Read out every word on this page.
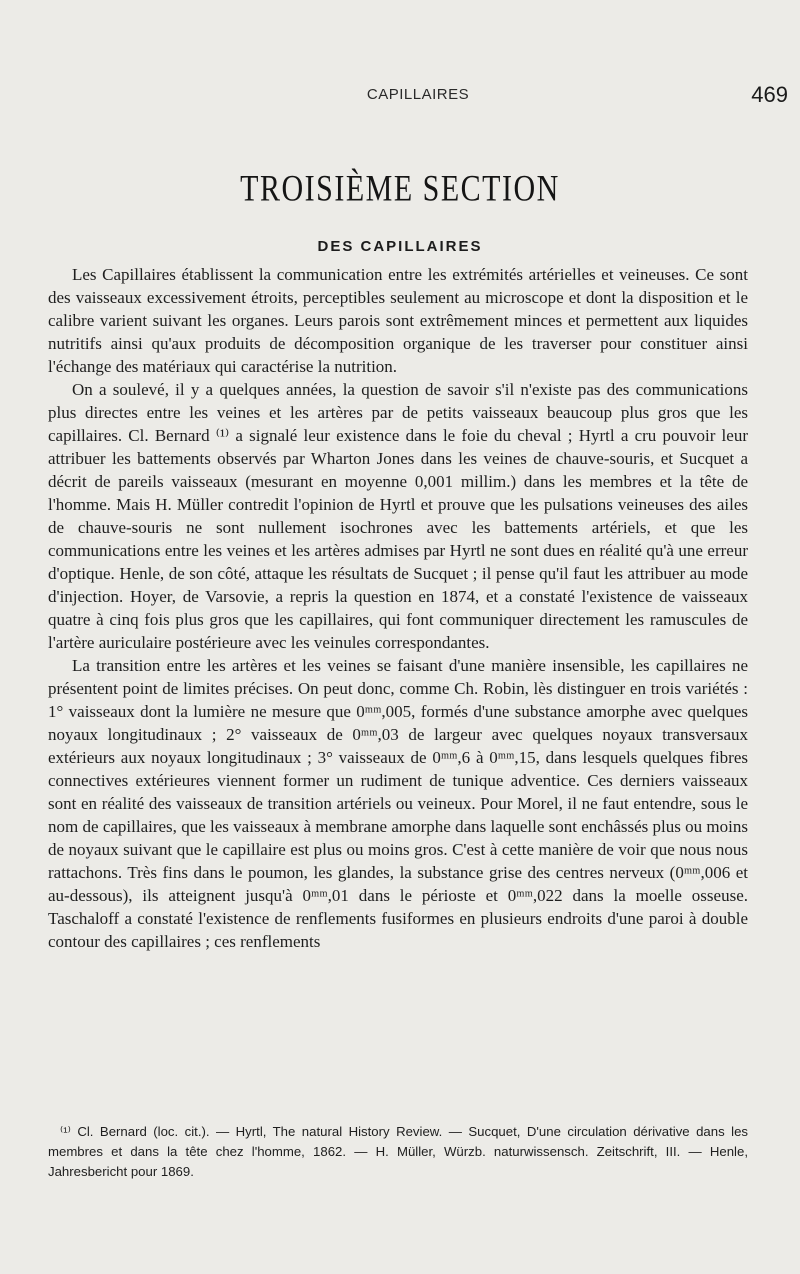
CAPILLAIRES	469
TROISIÈME SECTION
DES CAPILLAIRES

Les Capillaires établissent la communication entre les extrémités artérielles et veineuses. Ce sont des vaisseaux excessivement étroits, perceptibles seulement au microscope et dont la disposition et le calibre varient suivant les organes. Leurs parois sont extrêmement minces et permettent aux liquides nutritifs ainsi qu'aux produits de décomposition organique de les traverser pour constituer ainsi l'échange des matériaux qui caractérise la nutrition.

On a soulevé, il y a quelques années, la question de savoir s'il n'existe pas des communications plus directes entre les veines et les artères par de petits vaisseaux beaucoup plus gros que les capillaires. Cl. Bernard ⁽¹⁾ a signalé leur existence dans le foie du cheval ; Hyrtl a cru pouvoir leur attribuer les battements observés par Wharton Jones dans les veines de chauve-souris, et Sucquet a décrit de pareils vaisseaux (mesurant en moyenne 0,001 millim.) dans les membres et la tête de l'homme. Mais H. Müller contredit l'opinion de Hyrtl et prouve que les pulsations veineuses des ailes de chauve-souris ne sont nullement isochrones avec les battements artériels, et que les communications entre les veines et les artères admises par Hyrtl ne sont dues en réalité qu'à une erreur d'optique. Henle, de son côté, attaque les résultats de Sucquet ; il pense qu'il faut les attribuer au mode d'injection. Hoyer, de Varsovie, a repris la question en 1874, et a constaté l'existence de vaisseaux quatre à cinq fois plus gros que les capillaires, qui font communiquer directement les ramuscules de l'artère auriculaire postérieure avec les veinules correspondantes.

La transition entre les artères et les veines se faisant d'une manière insensible, les capillaires ne présentent point de limites précises. On peut donc, comme Ch. Robin, lès distinguer en trois variétés : 1° vaisseaux dont la lumière ne mesure que 0ᵐᵐ,005, formés d'une substance amorphe avec quelques noyaux longitudinaux ; 2° vaisseaux de 0ᵐᵐ,03 de largeur avec quelques noyaux transversaux extérieurs aux noyaux longitudinaux ; 3° vaisseaux de 0ᵐᵐ,6 à 0ᵐᵐ,15, dans lesquels quelques fibres connectives extérieures viennent former un rudiment de tunique adventice. Ces derniers vaisseaux sont en réalité des vaisseaux de transition artériels ou veineux. Pour Morel, il ne faut entendre, sous le nom de capillaires, que les vaisseaux à membrane amorphe dans laquelle sont enchâssés plus ou moins de noyaux suivant que le capillaire est plus ou moins gros. C'est à cette manière de voir que nous nous rattachons. Très fins dans le poumon, les glandes, la substance grise des centres nerveux (0ᵐᵐ,006 et au-dessous), ils atteignent jusqu'à 0ᵐᵐ,01 dans le périoste et 0ᵐᵐ,022 dans la moelle osseuse. Taschaloff a constaté l'existence de renflements fusiformes en plusieurs endroits d'une paroi à double contour des capillaires ; ces renflements

⁽¹⁾ Cl. Bernard (loc. cit.). — Hyrtl, The natural History Review. — Sucquet, D'une circulation dérivative dans les membres et dans la tête chez l'homme, 1862. — H. Müller, Würzb. naturwissensch. Zeitschrift, III. — Henle, Jahresbericht pour 1869.
